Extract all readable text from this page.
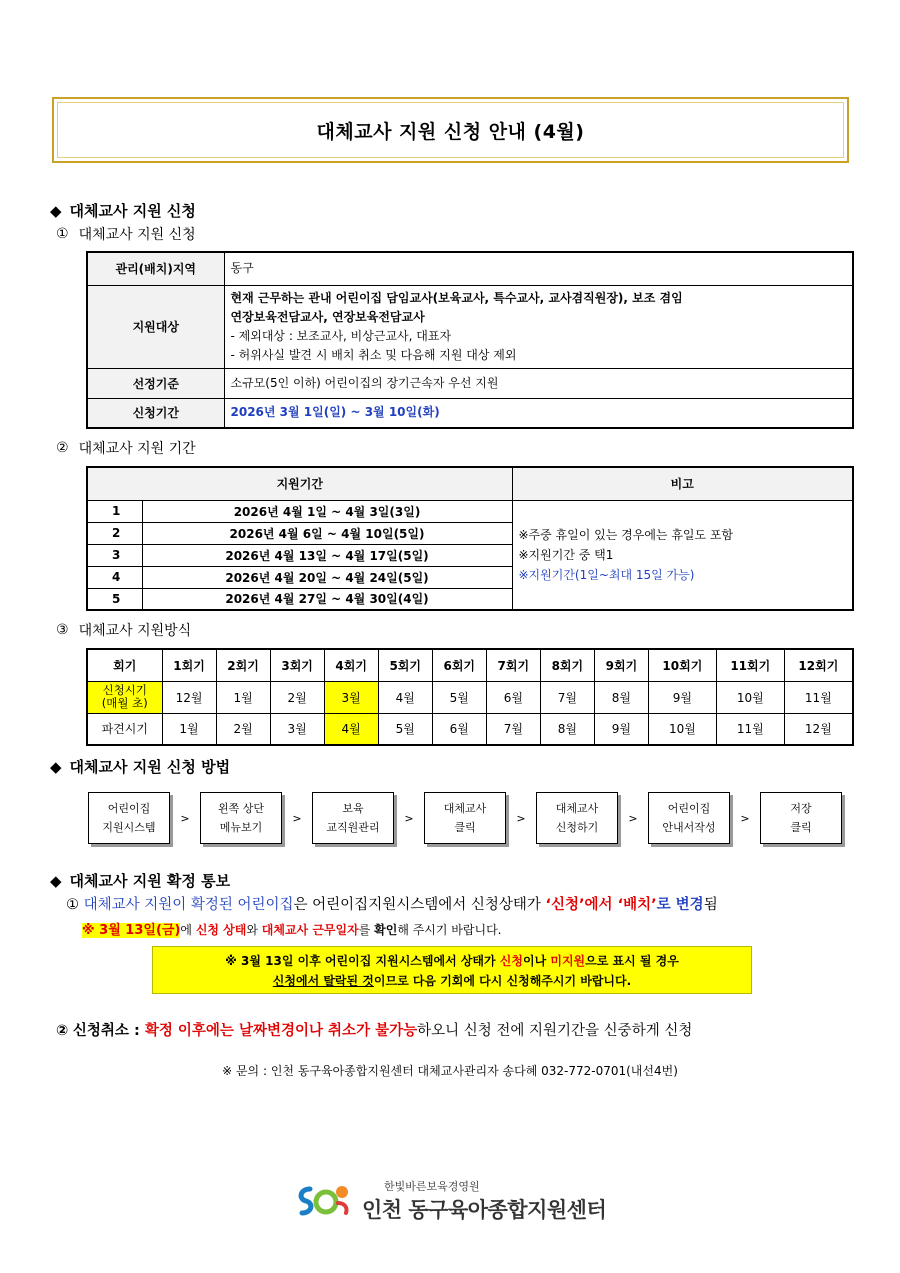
대체교사 지원 신청 안내 (4월)
◆ 대체교사 지원 신청
① 대체교사 지원 신청
관리(배치)지역	동구
지원대상	현재 근무하는 관내 어린이집 담임교사(보육교사, 특수교사, 교사겸직원장), 보조 겸임
연장보육전담교사, 연장보육전담교사
- 제외대상 : 보조교사, 비상근교사, 대표자
- 허위사실 발견 시 배치 취소 및 다음해 지원 대상 제외

선정기준	소규모(5인 이하) 어린이집의 장기근속자 우선 지원
신청기간	2026년 3월 1일(일) ~ 3월 10일(화)
② 대체교사 지원 기간
지원기간		비고
1	2026년 4월 1일 ~ 4월 3일(3일)	※주중 휴일이 있는 경우에는 휴일도 포함
※지원기간 중 택1
※지원기간(1일~최대 15일 가능)

2	2026년 4월 6일 ~ 4월 10일(5일)	
3	2026년 4월 13일 ~ 4월 17일(5일)	
4	2026년 4월 20일 ~ 4월 24일(5일)	
5	2026년 4월 27일 ~ 4월 30일(4일)	
③ 대체교사 지원방식
회기	1회기	2회기	3회기	4회기	5회기	6회기	7회기	8회기	9회기	10회기	11회기	12회기

신청시기
(매월 초)	12월	1월	2월	3월	4월	5월	6월	7월	8월	9월	10월	11월
파견시기	1월	2월	3월	4월	5월	6월	7월	8월	9월	10월	11월	12월
◆ 대체교사 지원 신청 방법
어린이집
지원시스템
>
왼쪽 상단
메뉴보기
>
보육
교직원관리
>
대체교사
클릭
>
대체교사
신청하기
>
어린이집
안내서작성
>
저장
클릭
◆ 대체교사 지원 확정 통보
① 대체교사 지원이 확정된 어린이집은 어린이집지원시스템에서 신청상태가 ‘신청’에서 ‘배치’로 변경됨
※ 3월 13일(금)에 신청 상태와 대체교사 근무일자를 확인해 주시기 바랍니다.
※ 3월 13일 이후 어린이집 지원시스템에서 상태가 신청이나 미지원으로 표시 될 경우
신청에서 탈락된 것이므로 다음 기회에 다시 신청해주시기 바랍니다.
② 신청취소 : 확정 이후에는 날짜변경이나 취소가 불가능하오니 신청 전에 지원기간을 신중하게 신청
※ 문의 : 인천 동구육아종합지원센터 대체교사관리자 송다혜 032-772-0701(내선4번)
한빛바른보육경영원
인천 동구육아종합지원센터
